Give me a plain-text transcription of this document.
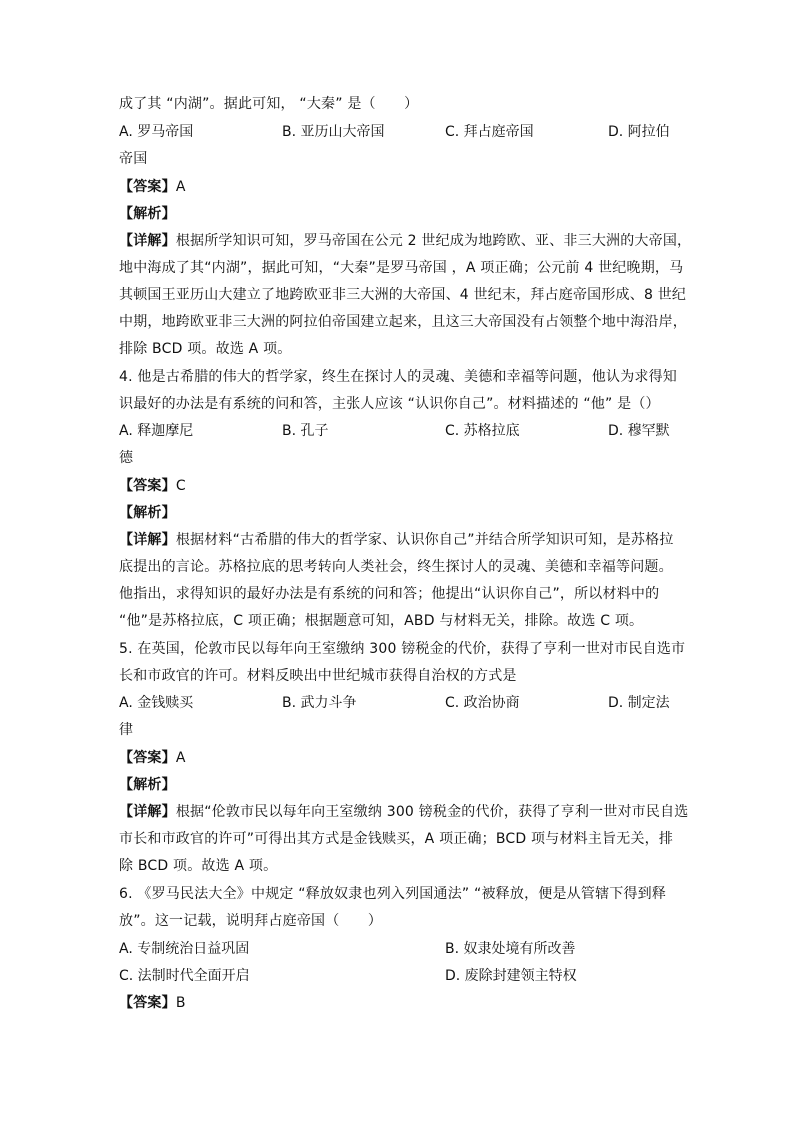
成了其 “内湖”。据此可知， “大秦” 是（　　）
A. 罗马帝国	B. 亚历山大帝国	C. 拜占庭帝国	D. 阿拉伯
帝国
【答案】A
【解析】
【详解】根据所学知识可知，罗马帝国在公元 2 世纪成为地跨欧、亚、非三大洲的大帝国，
地中海成了其“内湖”，据此可知，“大秦”是罗马帝国 ，A 项正确；公元前 4 世纪晚期，马
其顿国王亚历山大建立了地跨欧亚非三大洲的大帝国、4 世纪末，拜占庭帝国形成、8 世纪
中期，地跨欧亚非三大洲的阿拉伯帝国建立起来，且这三大帝国没有占领整个地中海沿岸，
排除 BCD 项。故选 A 项。
4. 他是古希腊的伟大的哲学家，终生在探讨人的灵魂、美德和幸福等问题，他认为求得知
识最好的办法是有系统的问和答，主张人应该 “认识你自己”。材料描述的 “他” 是（）
A. 释迦摩尼	B. 孔子	C. 苏格拉底	D. 穆罕默
德
【答案】C
【解析】
【详解】根据材料“古希腊的伟大的哲学家、认识你自己”并结合所学知识可知，是苏格拉
底提出的言论。苏格拉底的思考转向人类社会，终生探讨人的灵魂、美德和幸福等问题。
他指出，求得知识的最好办法是有系统的问和答；他提出“认识你自己”，所以材料中的
“他”是苏格拉底，C 项正确；根据题意可知，ABD 与材料无关，排除。故选 C 项。
5. 在英国，伦敦市民以每年向王室缴纳 300 镑税金的代价，获得了亨利一世对市民自选市
长和市政官的许可。材料反映出中世纪城市获得自治权的方式是
A. 金钱赎买	B. 武力斗争	C. 政治协商	D. 制定法
律
【答案】A
【解析】
【详解】根据“伦敦市民以每年向王室缴纳 300 镑税金的代价，获得了亨利一世对市民自选
市长和市政官的许可”可得出其方式是金钱赎买，A 项正确；BCD 项与材料主旨无关，排
除 BCD 项。故选 A 项。
6. 《罗马民法大全》中规定 “释放奴隶也列入列国通法” “被释放，便是从管辖下得到释
放”。这一记载，说明拜占庭帝国（　　）
A. 专制统治日益巩固	B. 奴隶处境有所改善
C. 法制时代全面开启	D. 废除封建领主特权
【答案】B
